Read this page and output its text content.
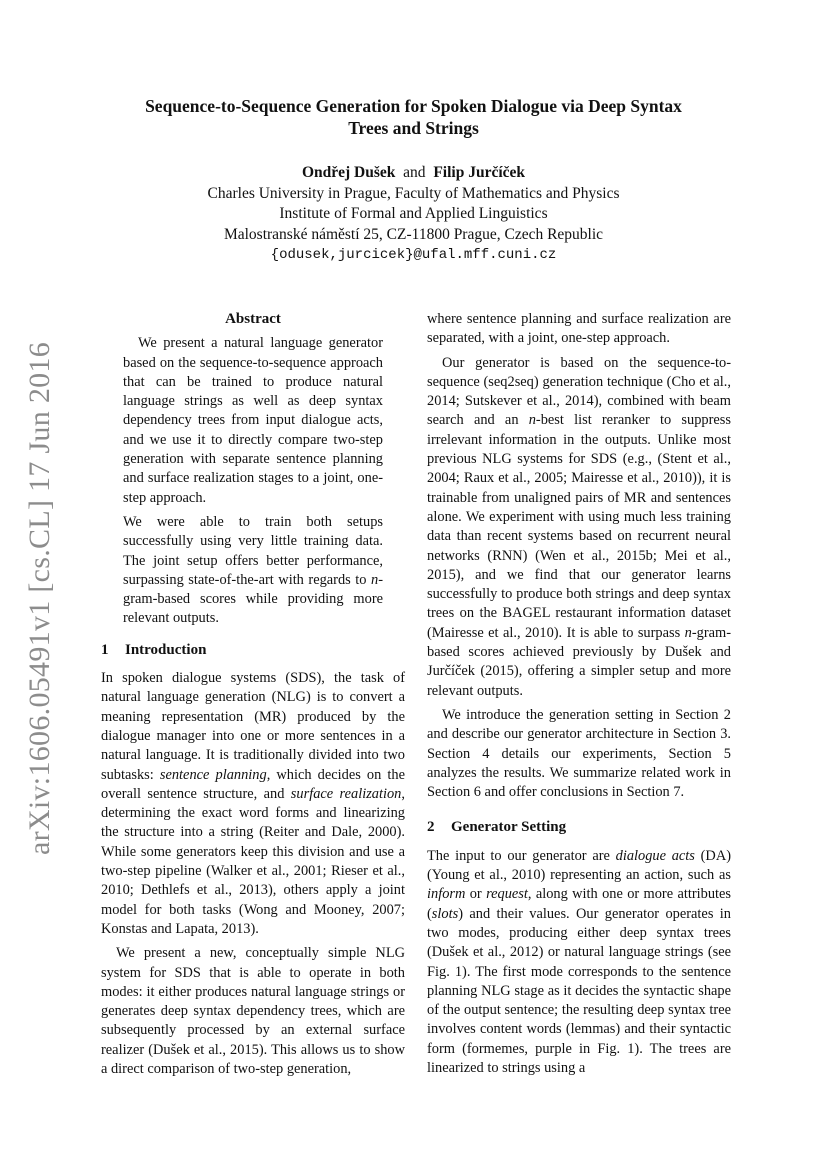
arXiv:1606.05491v1 [cs.CL] 17 Jun 2016
Sequence-to-Sequence Generation for Spoken Dialogue via Deep Syntax
Trees and Strings
Ondřej Dušek and Filip Jurčíček
Charles University in Prague, Faculty of Mathematics and Physics
Institute of Formal and Applied Linguistics
Malostranské náměstí 25, CZ-11800 Prague, Czech Republic
{odusek,jurcicek}@ufal.mff.cuni.cz
Abstract

We present a natural language generator based on the sequence-to-sequence approach that can be trained to produce natural language strings as well as deep syntax dependency trees from input dialogue acts, and we use it to directly compare two-step generation with separate sentence planning and surface realization stages to a joint, one-step approach.

We were able to train both setups successfully using very little training data. The joint setup offers better performance, surpassing state-of-the-art with regards to n-gram-based scores while providing more relevant outputs.

1 Introduction

In spoken dialogue systems (SDS), the task of natural language generation (NLG) is to convert a meaning representation (MR) produced by the dialogue manager into one or more sentences in a natural language. It is traditionally divided into two subtasks: sentence planning, which decides on the overall sentence structure, and surface realization, determining the exact word forms and linearizing the structure into a string (Reiter and Dale, 2000). While some generators keep this division and use a two-step pipeline (Walker et al., 2001; Rieser et al., 2010; Dethlefs et al., 2013), others apply a joint model for both tasks (Wong and Mooney, 2007; Konstas and Lapata, 2013).

We present a new, conceptually simple NLG system for SDS that is able to operate in both modes: it either produces natural language strings or generates deep syntax dependency trees, which are subsequently processed by an external surface realizer (Dušek et al., 2015). This allows us to show a direct comparison of two-step generation,

where sentence planning and surface realization are separated, with a joint, one-step approach.

Our generator is based on the sequence-to-sequence (seq2seq) generation technique (Cho et al., 2014; Sutskever et al., 2014), combined with beam search and an n-best list reranker to suppress irrelevant information in the outputs. Unlike most previous NLG systems for SDS (e.g., (Stent et al., 2004; Raux et al., 2005; Mairesse et al., 2010)), it is trainable from unaligned pairs of MR and sentences alone. We experiment with using much less training data than recent systems based on recurrent neural networks (RNN) (Wen et al., 2015b; Mei et al., 2015), and we find that our generator learns successfully to produce both strings and deep syntax trees on the BAGEL restaurant information dataset (Mairesse et al., 2010). It is able to surpass n-gram-based scores achieved previously by Dušek and Jurčíček (2015), offering a simpler setup and more relevant outputs.

We introduce the generation setting in Section 2 and describe our generator architecture in Section 3. Section 4 details our experiments, Section 5 analyzes the results. We summarize related work in Section 6 and offer conclusions in Section 7.

2 Generator Setting

The input to our generator are dialogue acts (DA) (Young et al., 2010) representing an action, such as inform or request, along with one or more attributes (slots) and their values. Our generator operates in two modes, producing either deep syntax trees (Dušek et al., 2012) or natural language strings (see Fig. 1). The first mode corresponds to the sentence planning NLG stage as it decides the syntactic shape of the output sentence; the resulting deep syntax tree involves content words (lemmas) and their syntactic form (formemes, purple in Fig. 1). The trees are linearized to strings using a
